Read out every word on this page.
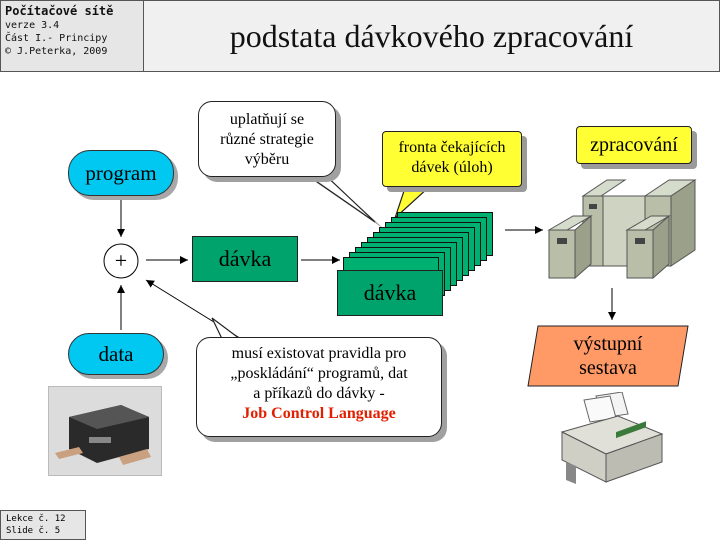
Počítačové sítě
verze 3.4
Část I.- Principy
© J.Peterka, 2009	podstata dávkového zpracování
+
program
data
dávka
dávka
uplatňují se
různé strategie
výběru
fronta čekajících
dávek (úloh)
zpracování
musí existovat pravidla pro
„poskládání“ programů, dat
a příkazů do dávky -
Job Control Language
výstupní
sestava
Lekce č. 12
Slide č. 5
